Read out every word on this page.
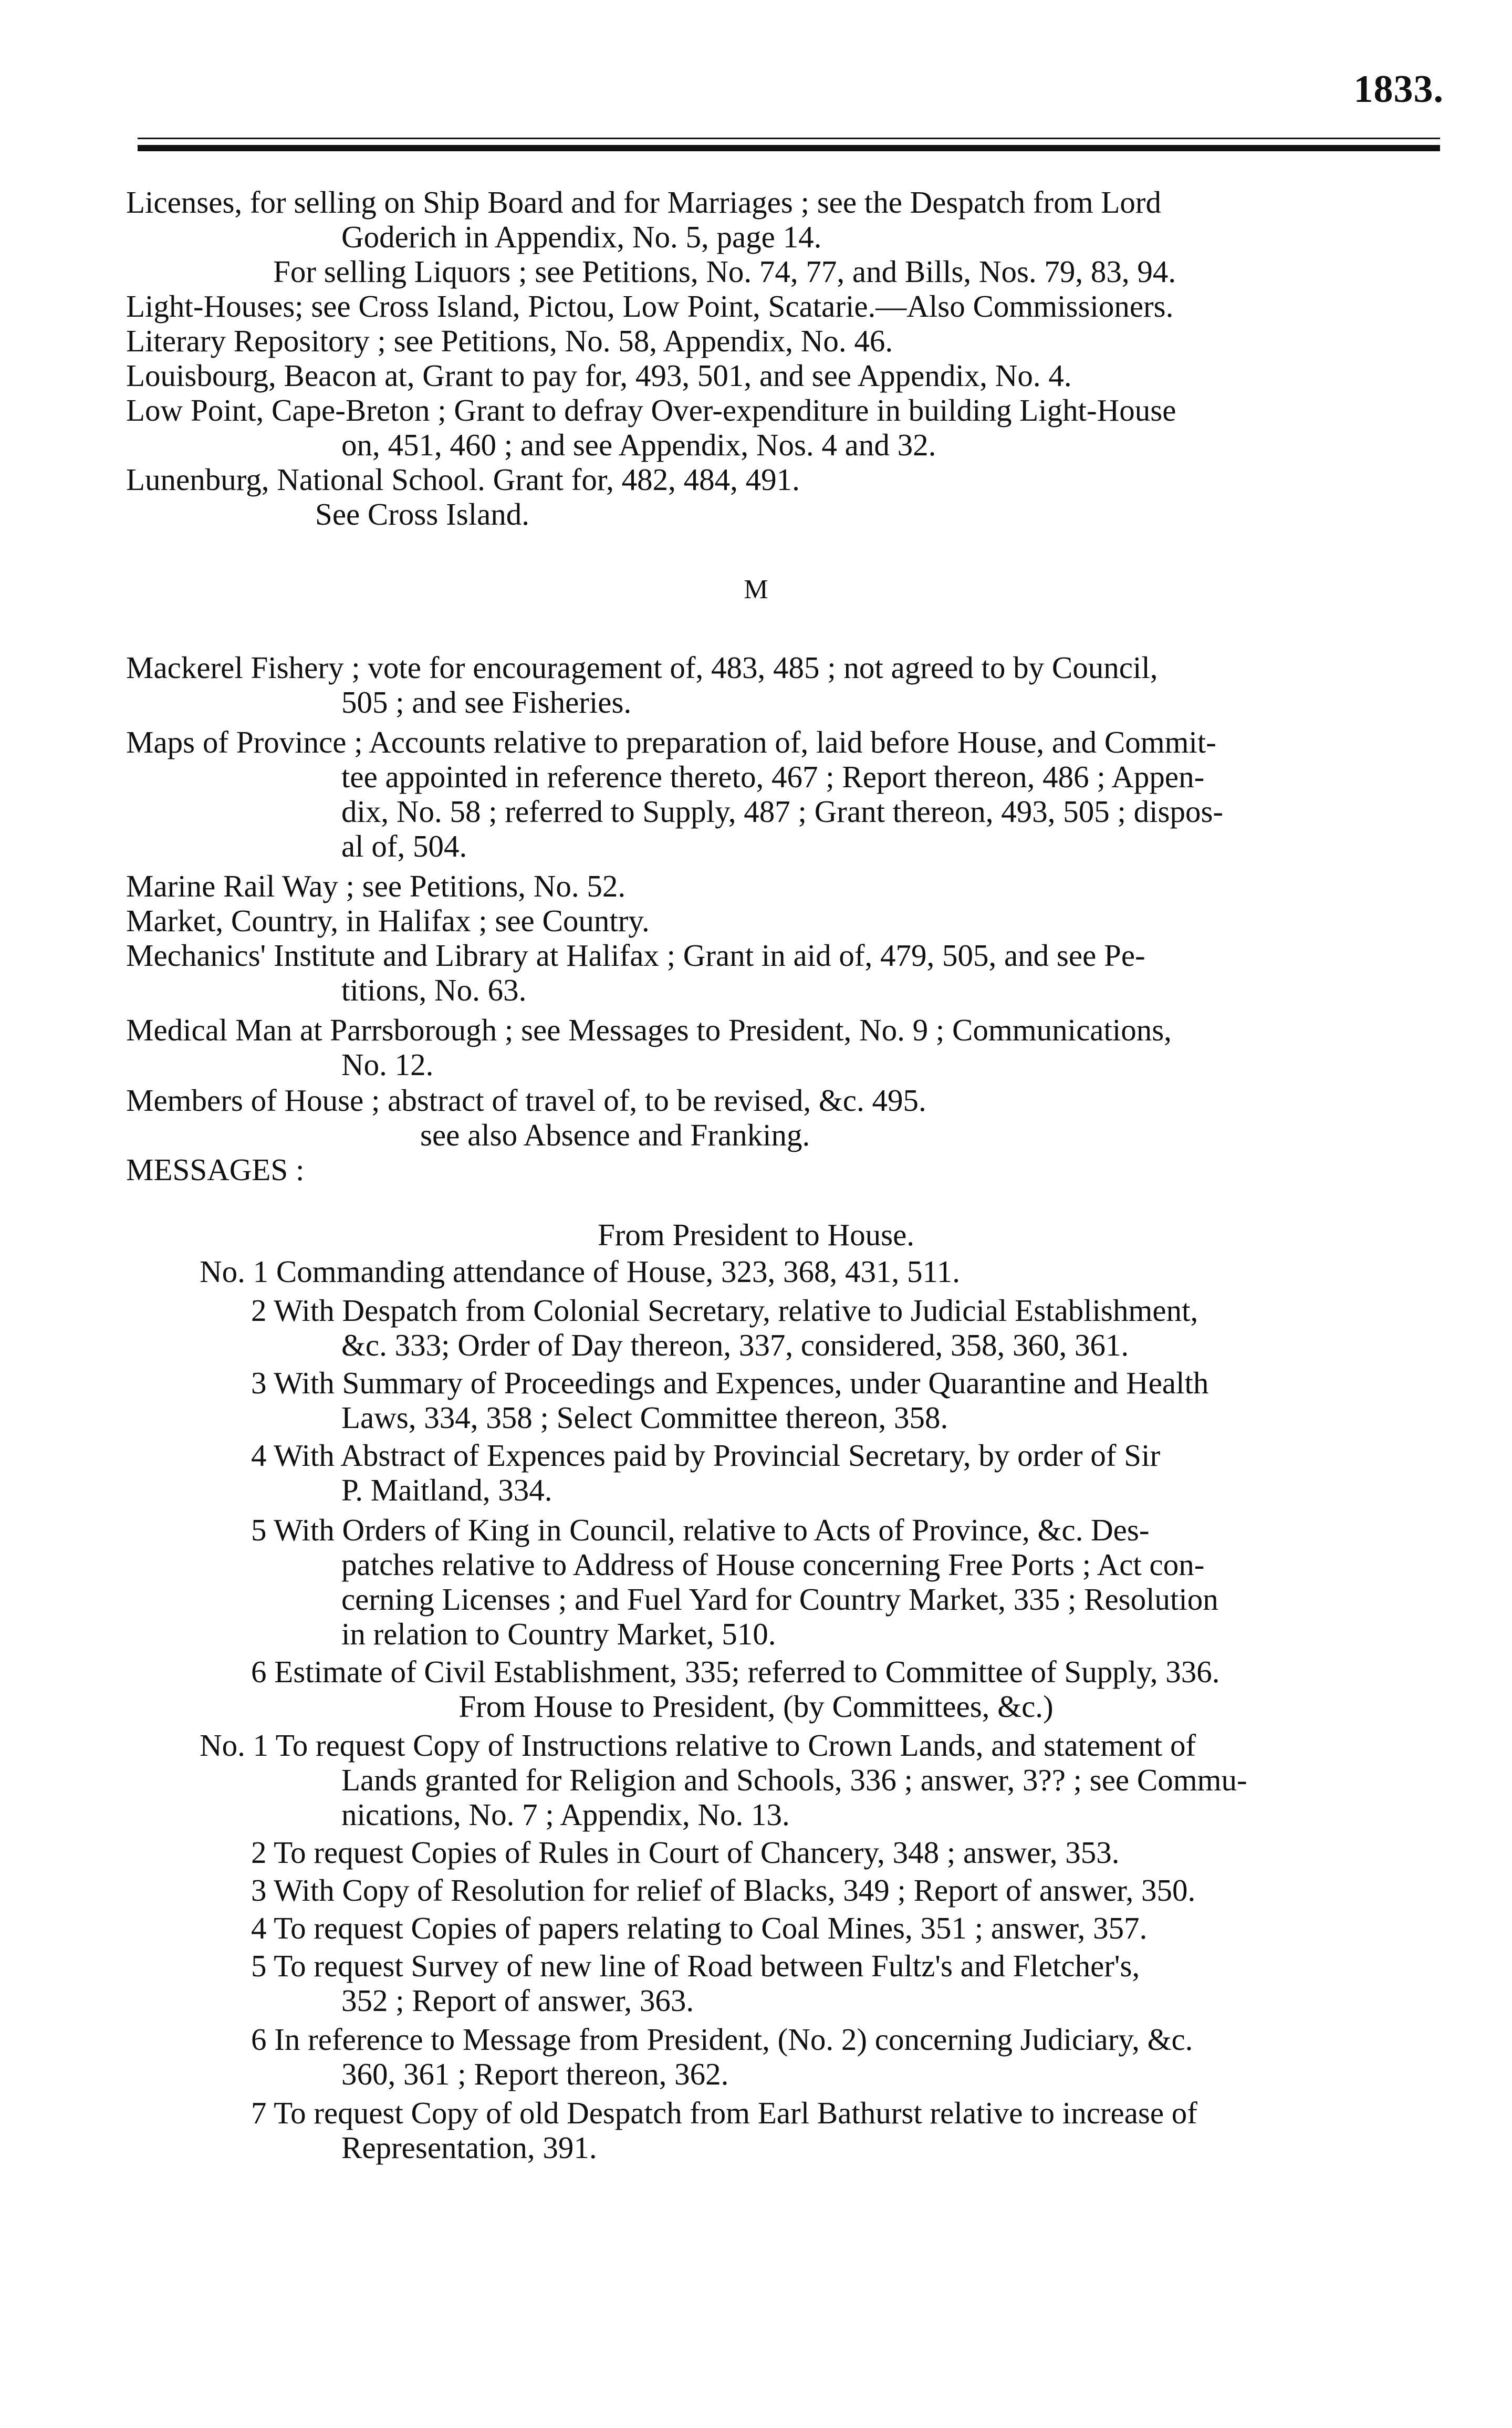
1833.
Licenses, for selling on Ship Board and for Marriages ; see the Despatch from Lord
Goderich in Appendix, No. 5, page 14.
For selling Liquors ; see Petitions, No. 74, 77, and Bills, Nos. 79, 83, 94.
Light-Houses; see Cross Island, Pictou, Low Point, Scatarie.—Also Commissioners.
Literary Repository ; see Petitions, No. 58, Appendix, No. 46.
Louisbourg, Beacon at, Grant to pay for, 493, 501, and see Appendix, No. 4.
Low Point, Cape-Breton ; Grant to defray Over-expenditure in building Light-House
on, 451, 460 ; and see Appendix, Nos. 4 and 32.
Lunenburg, National School. Grant for, 482, 484, 491.
See Cross Island.
M
Mackerel Fishery ; vote for encouragement of, 483, 485 ; not agreed to by Council,
505 ; and see Fisheries.
Maps of Province ; Accounts relative to preparation of, laid before House, and Commit-
tee appointed in reference thereto, 467 ; Report thereon, 486 ; Appen-
dix, No. 58 ; referred to Supply, 487 ; Grant thereon, 493, 505 ; dispos-
al of, 504.
Marine Rail Way ; see Petitions, No. 52.
Market, Country, in Halifax ; see Country.
Mechanics' Institute and Library at Halifax ; Grant in aid of, 479, 505, and see Pe-
titions, No. 63.
Medical Man at Parrsborough ; see Messages to President, No. 9 ; Communications,
No. 12.
Members of House ; abstract of travel of, to be revised, &c. 495.
see also Absence and Franking.
MESSAGES :
From President to House.
No. 1 Commanding attendance of House, 323, 368, 431, 511.
2 With Despatch from Colonial Secretary, relative to Judicial Establishment,
&c. 333; Order of Day thereon, 337, considered, 358, 360, 361.
3 With Summary of Proceedings and Expences, under Quarantine and Health
Laws, 334, 358 ; Select Committee thereon, 358.
4 With Abstract of Expences paid by Provincial Secretary, by order of Sir
P. Maitland, 334.
5 With Orders of King in Council, relative to Acts of Province, &c. Des-
patches relative to Address of House concerning Free Ports ; Act con-
cerning Licenses ; and Fuel Yard for Country Market, 335 ; Resolution
in relation to Country Market, 510.
6 Estimate of Civil Establishment, 335; referred to Committee of Supply, 336.
From House to President, (by Committees, &c.)
No. 1 To request Copy of Instructions relative to Crown Lands, and statement of
Lands granted for Religion and Schools, 336 ; answer, 3?? ; see Commu-
nications, No. 7 ; Appendix, No. 13.
2 To request Copies of Rules in Court of Chancery, 348 ; answer, 353.
3 With Copy of Resolution for relief of Blacks, 349 ; Report of answer, 350.
4 To request Copies of papers relating to Coal Mines, 351 ; answer, 357.
5 To request Survey of new line of Road between Fultz's and Fletcher's,
352 ; Report of answer, 363.
6 In reference to Message from President, (No. 2) concerning Judiciary, &c.
360, 361 ; Report thereon, 362.
7 To request Copy of old Despatch from Earl Bathurst relative to increase of
Representation, 391.
